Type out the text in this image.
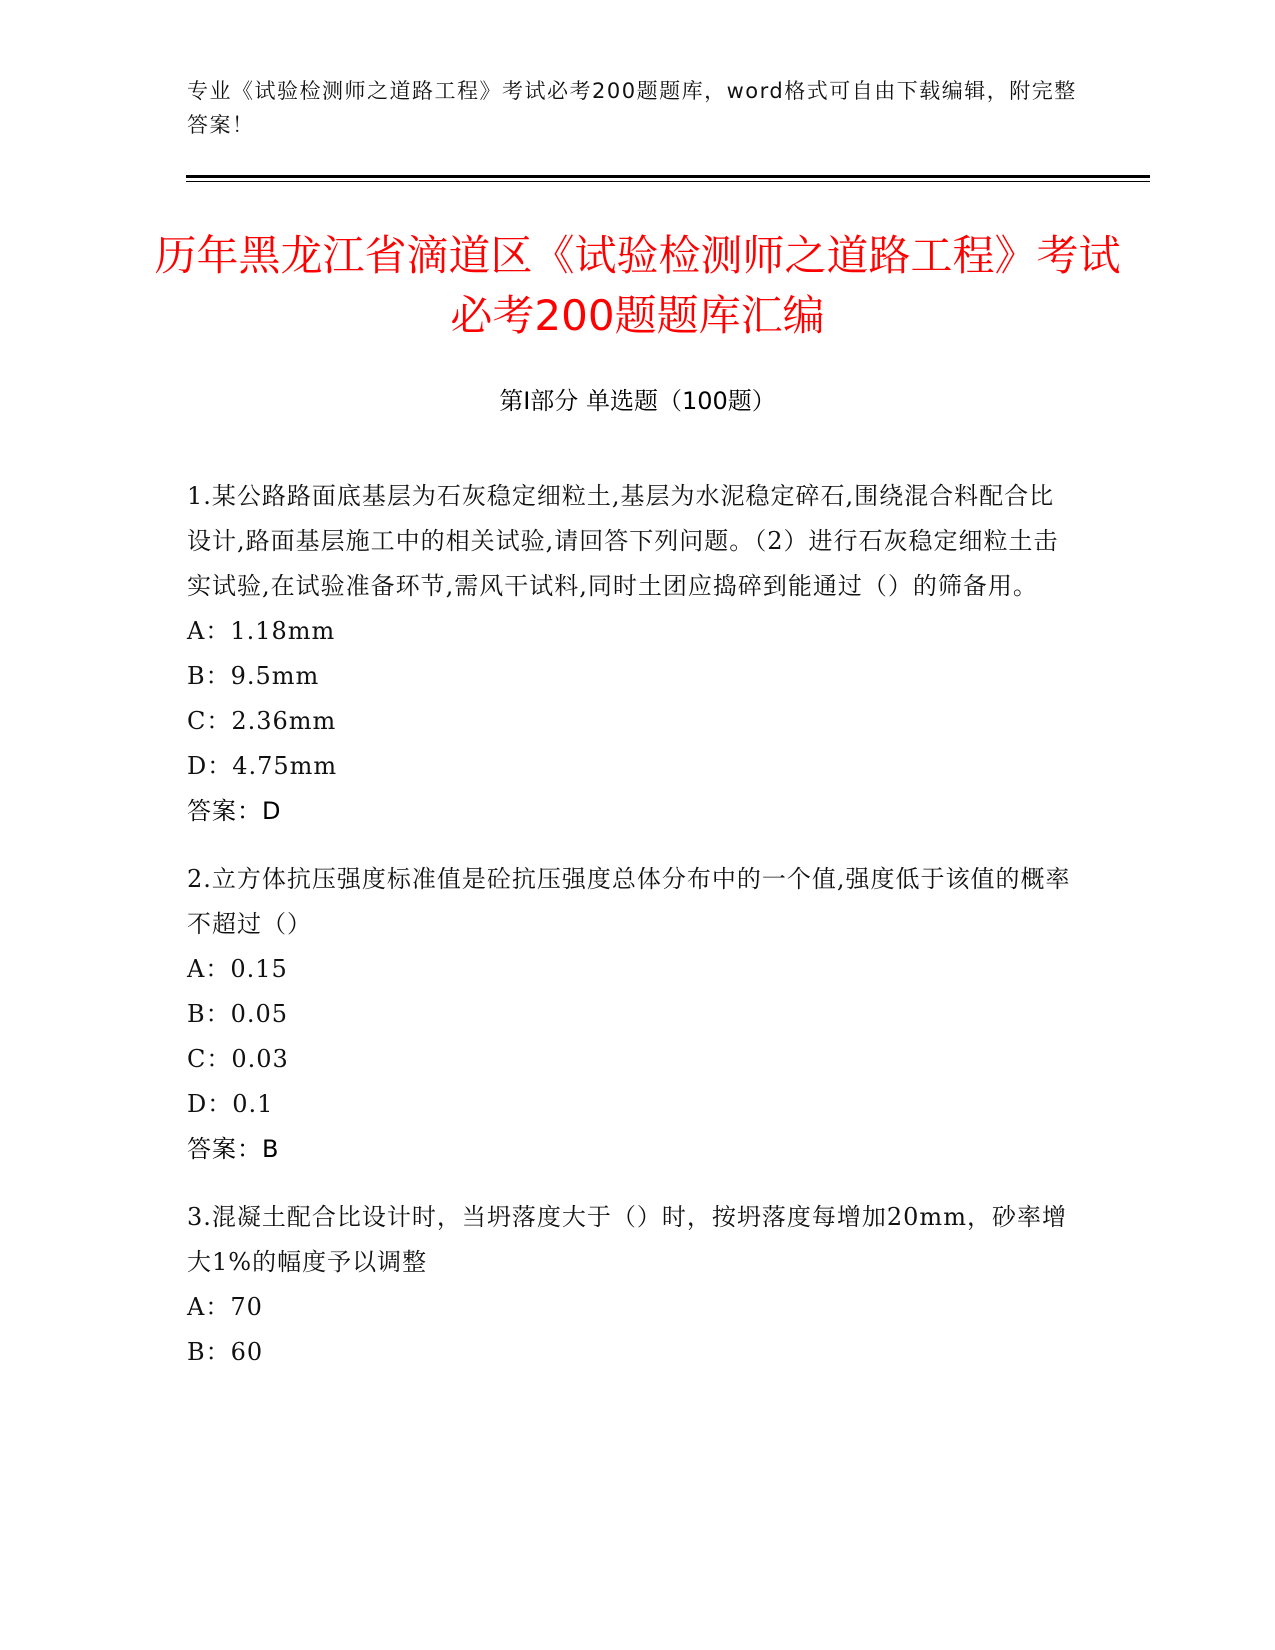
专业《试验检测师之道路工程》考试必考200题题库，word格式可自由下载编辑，附完整答案！
历年黑龙江省滴道区《试验检测师之道路工程》考试必考200题题库汇编
第Ⅰ部分 单选题（100题）
1.某公路路面底基层为石灰稳定细粒土,基层为水泥稳定碎石,围绕混合料配合比设计,路面基层施工中的相关试验,请回答下列问题。（2）进行石灰稳定细粒土击实试验,在试验准备环节,需风干试料,同时土团应捣碎到能通过（）的筛备用。
A：1.18mm
B：9.5mm
C：2.36mm
D：4.75mm
答案：D
2.立方体抗压强度标准值是砼抗压强度总体分布中的一个值,强度低于该值的概率不超过（）
A：0.15
B：0.05
C：0.03
D：0.1
答案：B
3.混凝土配合比设计时，当坍落度大于（）时，按坍落度每增加20mm，砂率增大1%的幅度予以调整
A：70
B：60
